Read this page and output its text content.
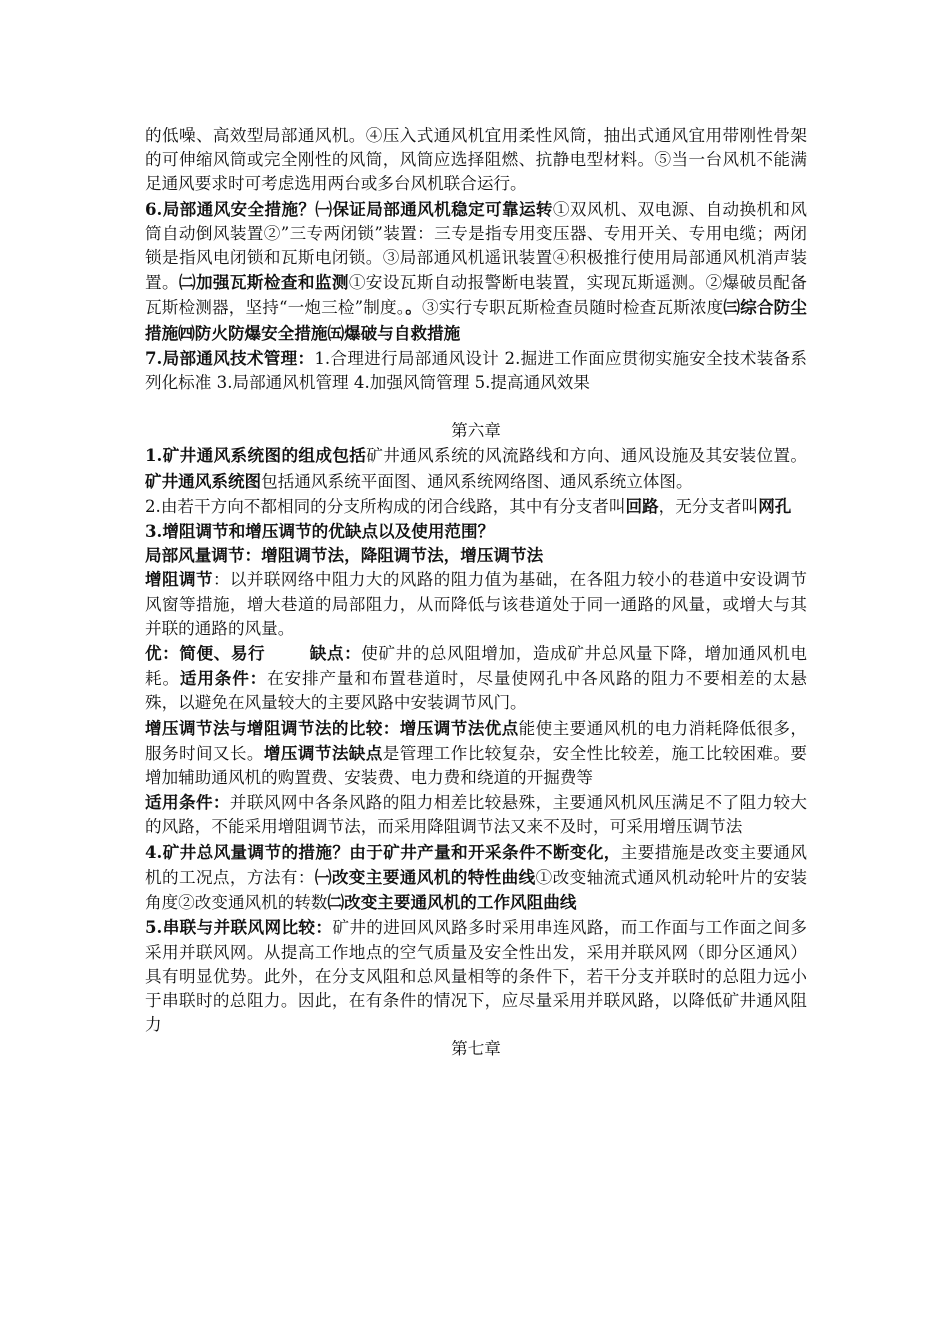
的低噪、高效型局部通风机。④压入式通风机宜用柔性风筒，抽出式通风宜用带刚性骨架的可伸缩风筒或完全刚性的风筒，风筒应选择阻燃、抗静电型材料。⑤当一台风机不能满足通风要求时可考虑选用两台或多台风机联合运行。

6.局部通风安全措施？㈠保证局部通风机稳定可靠运转①双风机、双电源、自动换机和风筒自动倒风装置②”三专两闭锁”装置：三专是指专用变压器、专用开关、专用电缆；两闭锁是指风电闭锁和瓦斯电闭锁。③局部通风机遥讯装置④积极推行使用局部通风机消声装置。㈡加强瓦斯检查和监测①安设瓦斯自动报警断电装置，实现瓦斯遥测。②爆破员配备瓦斯检测器，坚持“一炮三检”制度。。③实行专职瓦斯检查员随时检查瓦斯浓度㈢综合防尘措施㈣防火防爆安全措施㈤爆破与自救措施

7.局部通风技术管理：1.合理进行局部通风设计 2.掘进工作面应贯彻实施安全技术装备系列化标准 3.局部通风机管理 4.加强风筒管理 5.提高通风效果

第六章

1.矿井通风系统图的组成包括矿井通风系统的风流路线和方向、通风设施及其安装位置。矿井通风系统图包括通风系统平面图、通风系统网络图、通风系统立体图。

2.由若干方向不都相同的分支所构成的闭合线路，其中有分支者叫回路，无分支者叫网孔

3.增阻调节和增压调节的优缺点以及使用范围？

局部风量调节：增阻调节法，降阻调节法，增压调节法

增阻调节：以并联网络中阻力大的风路的阻力值为基础，在各阻力较小的巷道中安设调节风窗等措施，增大巷道的局部阻力，从而降低与该巷道处于同一通路的风量，或增大与其并联的通路的风量。

优：简便、易行	缺点：使矿井的总风阻增加，造成矿井总风量下降，增加通风机电耗。适用条件：在安排产量和布置巷道时，尽量使网孔中各风路的阻力不要相差的太悬殊，以避免在风量较大的主要风路中安装调节风门。

增压调节法与增阻调节法的比较：增压调节法优点能使主要通风机的电力消耗降低很多，服务时间又长。增压调节法缺点是管理工作比较复杂，安全性比较差，施工比较困难。要增加辅助通风机的购置费、安装费、电力费和绕道的开掘费等

适用条件：并联风网中各条风路的阻力相差比较悬殊，主要通风机风压满足不了阻力较大的风路，不能采用增阻调节法，而采用降阻调节法又来不及时，可采用增压调节法

4.矿井总风量调节的措施？由于矿井产量和开采条件不断变化，主要措施是改变主要通风机的工况点，方法有：㈠改变主要通风机的特性曲线①改变轴流式通风机动轮叶片的安装角度②改变通风机的转数㈡改变主要通风机的工作风阻曲线

5.串联与并联风网比较：矿井的进回风风路多时采用串连风路，而工作面与工作面之间多采用并联风网。从提高工作地点的空气质量及安全性出发，采用并联风网（即分区通风）具有明显优势。此外，在分支风阻和总风量相等的条件下，若干分支并联时的总阻力远小于串联时的总阻力。因此，在有条件的情况下，应尽量采用并联风路，以降低矿井通风阻力

第七章
